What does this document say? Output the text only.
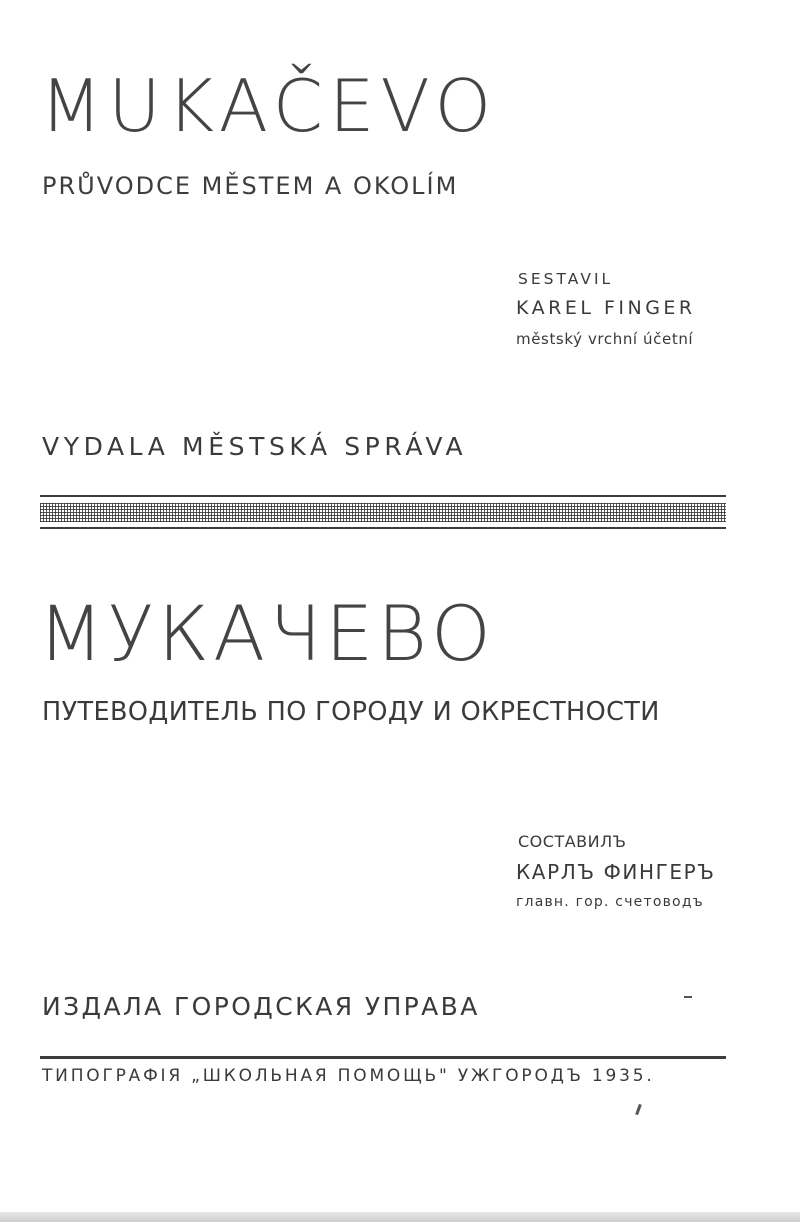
MUKAČEVO
PRŮVODCE MĚSTEM A OKOLÍM
SESTAVIL
KAREL FINGER
městský vrchní účetní
VYDALA MĚSTSKÁ SPRÁVA
МУКАЧЕВО
ПУТЕВОДИТЕЛЬ ПО ГОРОДУ И ОКРЕСТНОСТИ
СОСТАВИЛЪ
КАРЛЪ ФИНГЕРЪ
главн. гор. счетоводъ
ИЗДАЛА ГОРОДСКАЯ УПРАВА
ТИПОГРАФІЯ „ШКОЛЬНАЯ ПОМОЩЬ" УЖГОРОДЪ 1935.
